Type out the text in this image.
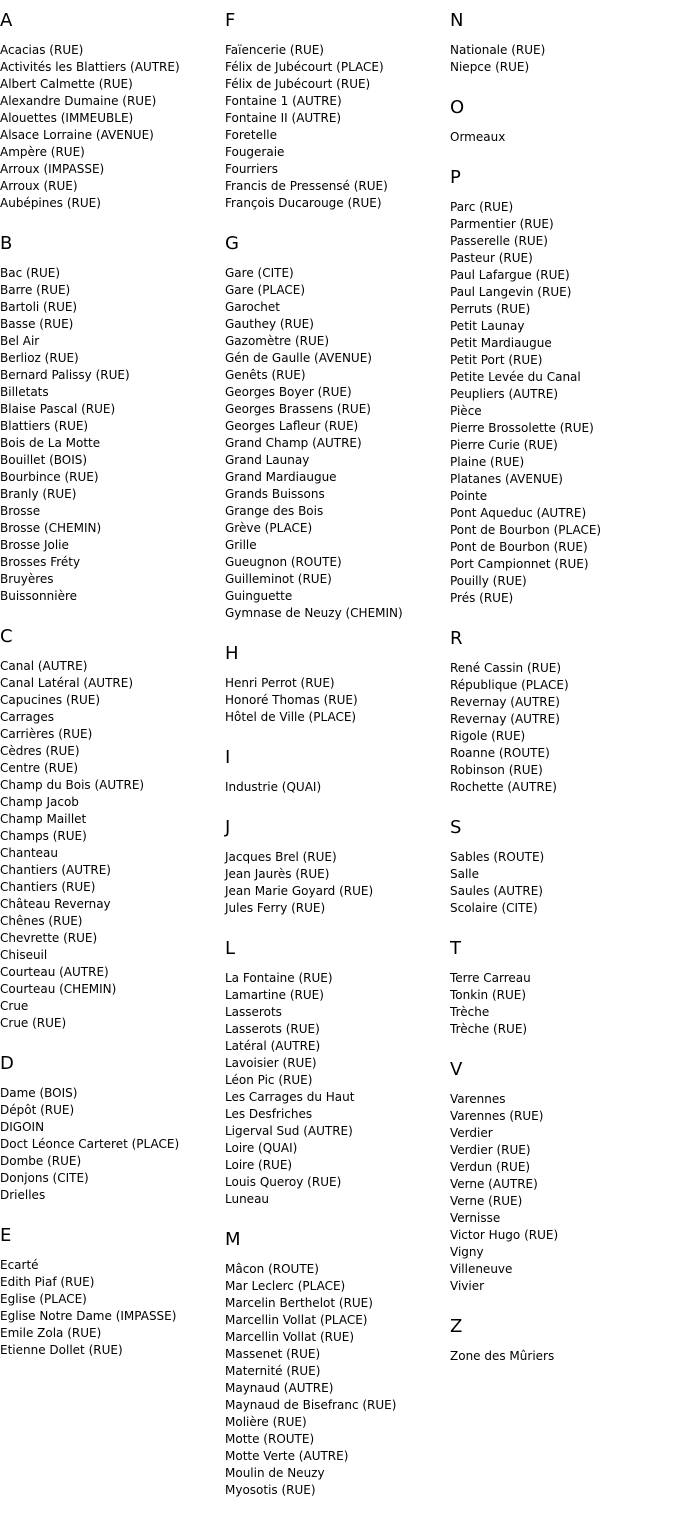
A
Acacias (RUE)
Activités les Blattiers (AUTRE)
Albert Calmette (RUE)
Alexandre Dumaine (RUE)
Alouettes (IMMEUBLE)
Alsace Lorraine (AVENUE)
Ampère (RUE)
Arroux (IMPASSE)
Arroux (RUE)
Aubépines (RUE)
B
Bac (RUE)
Barre (RUE)
Bartoli (RUE)
Basse (RUE)
Bel Air
Berlioz (RUE)
Bernard Palissy (RUE)
Billetats
Blaise Pascal (RUE)
Blattiers (RUE)
Bois de La Motte
Bouillet (BOIS)
Bourbince (RUE)
Branly (RUE)
Brosse
Brosse (CHEMIN)
Brosse Jolie
Brosses Fréty
Bruyères
Buissonnière
C
Canal (AUTRE)
Canal Latéral (AUTRE)
Capucines (RUE)
Carrages
Carrières (RUE)
Cèdres (RUE)
Centre (RUE)
Champ du Bois (AUTRE)
Champ Jacob
Champ Maillet
Champs (RUE)
Chanteau
Chantiers (AUTRE)
Chantiers (RUE)
Château Revernay
Chênes (RUE)
Chevrette (RUE)
Chiseuil
Courteau (AUTRE)
Courteau (CHEMIN)
Crue
Crue (RUE)
D
Dame (BOIS)
Dépôt (RUE)
DIGOIN
Doct Léonce Carteret (PLACE)
Dombe (RUE)
Donjons (CITE)
Drielles
E
Ecarté
Edith Piaf (RUE)
Eglise (PLACE)
Eglise Notre Dame (IMPASSE)
Emile Zola (RUE)
Etienne Dollet (RUE)
F
Faïencerie (RUE)
Félix de Jubécourt (PLACE)
Félix de Jubécourt (RUE)
Fontaine 1 (AUTRE)
Fontaine II (AUTRE)
Foretelle
Fougeraie
Fourriers
Francis de Pressensé (RUE)
François Ducarouge (RUE)
G
Gare (CITE)
Gare (PLACE)
Garochet
Gauthey (RUE)
Gazomètre (RUE)
Gén de Gaulle (AVENUE)
Genêts (RUE)
Georges Boyer (RUE)
Georges Brassens (RUE)
Georges Lafleur (RUE)
Grand Champ (AUTRE)
Grand Launay
Grand Mardiaugue
Grands Buissons
Grange des Bois
Grève (PLACE)
Grille
Gueugnon (ROUTE)
Guilleminot (RUE)
Guinguette
Gymnase de Neuzy (CHEMIN)
H
Henri Perrot (RUE)
Honoré Thomas (RUE)
Hôtel de Ville (PLACE)
I
Industrie (QUAI)
J
Jacques Brel (RUE)
Jean Jaurès (RUE)
Jean Marie Goyard (RUE)
Jules Ferry (RUE)
L
La Fontaine (RUE)
Lamartine (RUE)
Lasserots
Lasserots (RUE)
Latéral (AUTRE)
Lavoisier (RUE)
Léon Pic (RUE)
Les Carrages du Haut
Les Desfriches
Ligerval Sud (AUTRE)
Loire (QUAI)
Loire (RUE)
Louis Queroy (RUE)
Luneau
M
Mâcon (ROUTE)
Mar Leclerc (PLACE)
Marcelin Berthelot (RUE)
Marcellin Vollat (PLACE)
Marcellin Vollat (RUE)
Massenet (RUE)
Maternité (RUE)
Maynaud (AUTRE)
Maynaud de Bisefranc (RUE)
Molière (RUE)
Motte (ROUTE)
Motte Verte (AUTRE)
Moulin de Neuzy
Myosotis (RUE)
N
Nationale (RUE)
Niepce (RUE)
O
Ormeaux
P
Parc (RUE)
Parmentier (RUE)
Passerelle (RUE)
Pasteur (RUE)
Paul Lafargue (RUE)
Paul Langevin (RUE)
Perruts (RUE)
Petit Launay
Petit Mardiaugue
Petit Port (RUE)
Petite Levée du Canal
Peupliers (AUTRE)
Pièce
Pierre Brossolette (RUE)
Pierre Curie (RUE)
Plaine (RUE)
Platanes (AVENUE)
Pointe
Pont Aqueduc (AUTRE)
Pont de Bourbon (PLACE)
Pont de Bourbon (RUE)
Port Campionnet (RUE)
Pouilly (RUE)
Prés (RUE)
R
René Cassin (RUE)
République (PLACE)
Revernay (AUTRE)
Revernay (AUTRE)
Rigole (RUE)
Roanne (ROUTE)
Robinson (RUE)
Rochette (AUTRE)
S
Sables (ROUTE)
Salle
Saules (AUTRE)
Scolaire (CITE)
T
Terre Carreau
Tonkin (RUE)
Trèche
Trèche (RUE)
V
Varennes
Varennes (RUE)
Verdier
Verdier (RUE)
Verdun (RUE)
Verne (AUTRE)
Verne (RUE)
Vernisse
Victor Hugo (RUE)
Vigny
Villeneuve
Vivier
Z
Zone des Mûriers
